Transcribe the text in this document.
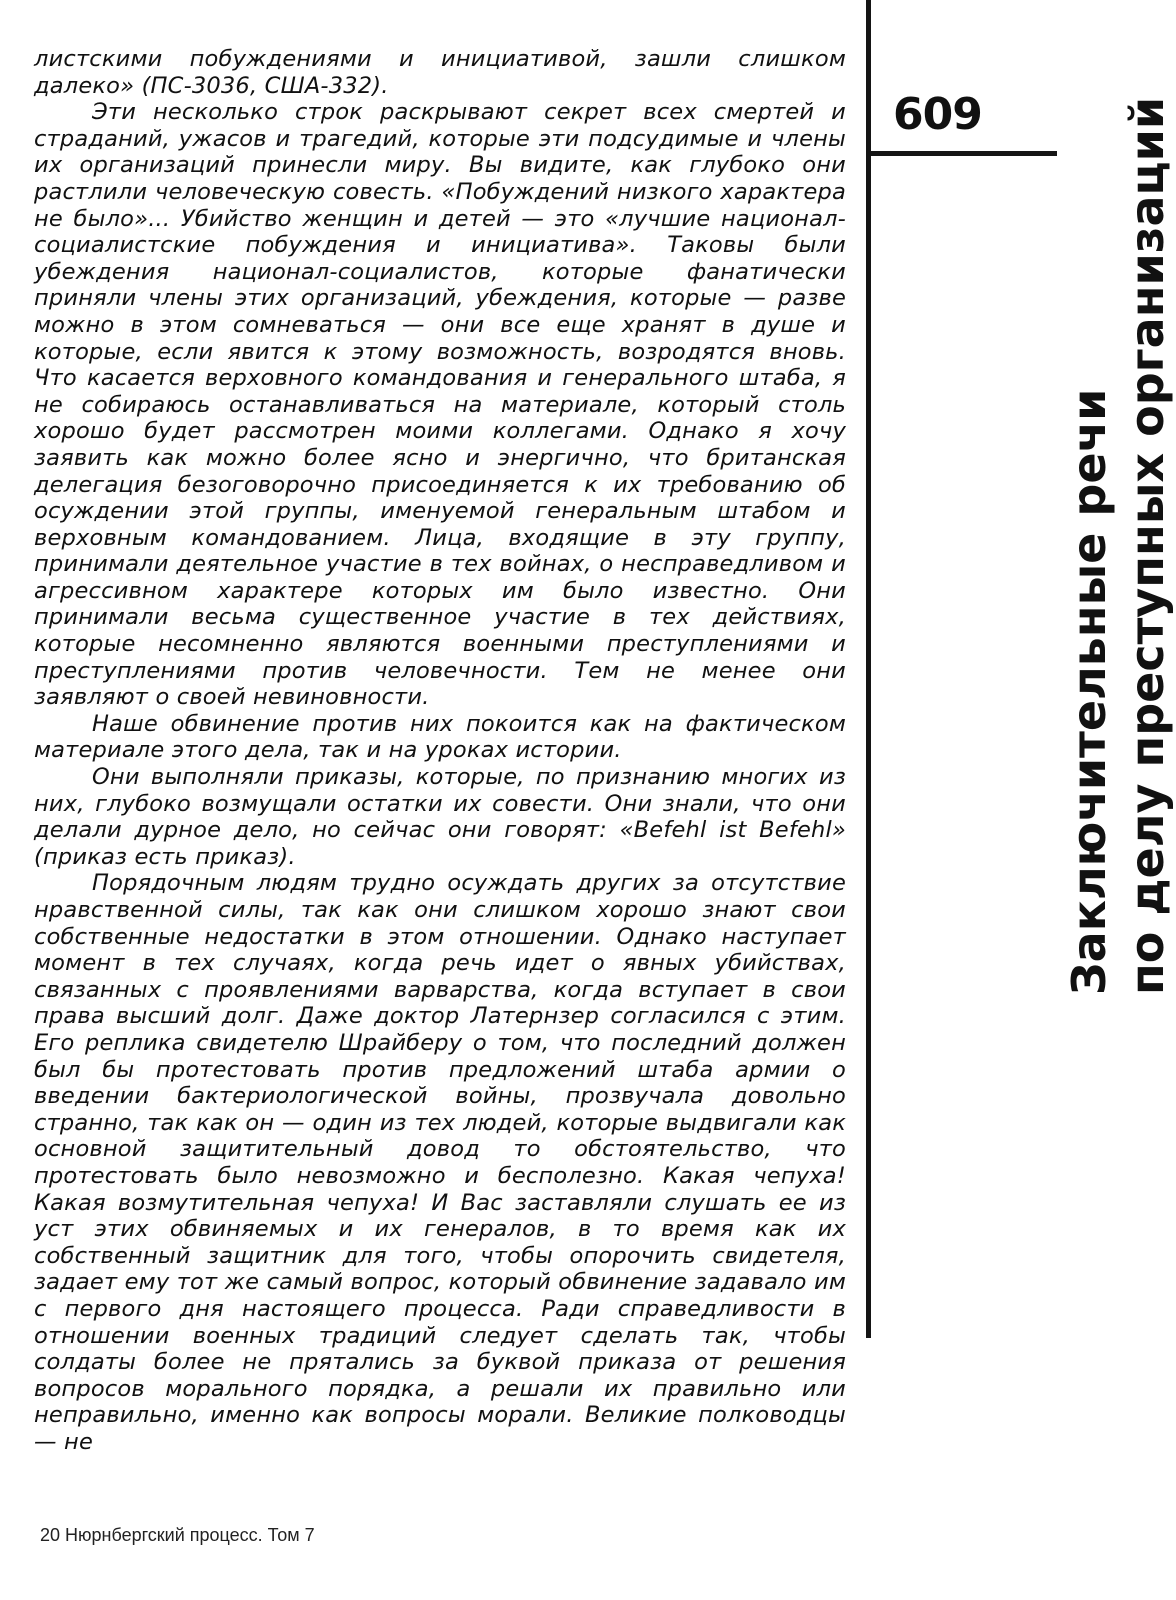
609
Заключительные речи по делу преступных организаций

листскими побуждениями и инициативой, зашли слишком далеко» (ПС-3036, США-332).

Эти несколько строк раскрывают секрет всех смертей и страданий, ужасов и трагедий, которые эти подсудимые и члены их организаций принесли миру. Вы видите, как глубоко они растлили человеческую совесть. «Побуждений низкого характера не было»... Убийство женщин и детей — это «лучшие национал-социалистские побуждения и инициатива». Таковы были убеждения национал-социалистов, которые фанатически приняли члены этих организаций, убеждения, которые — разве можно в этом сомневаться — они все еще хранят в душе и которые, если явится к этому возможность, возродятся вновь. Что касается верховного командования и генерального штаба, я не собираюсь останавливаться на материале, который столь хорошо будет рассмотрен моими коллегами. Однако я хочу заявить как можно более ясно и энергично, что британская делегация безоговорочно присоединяется к их требованию об осуждении этой группы, именуемой генеральным штабом и верховным командованием. Лица, входящие в эту группу, принимали деятельное участие в тех войнах, о несправедливом и агрессивном характере которых им было известно. Они принимали весьма существенное участие в тех действиях, которые несомненно являются военными преступлениями и преступлениями против человечности. Тем не менее они заявляют о своей невиновности.

Наше обвинение против них покоится как на фактическом материале этого дела, так и на уроках истории.

Они выполняли приказы, которые, по признанию многих из них, глубоко возмущали остатки их совести. Они знали, что они делали дурное дело, но сейчас они говорят: «Befehl ist Befehl» (приказ есть приказ).

Порядочным людям трудно осуждать других за отсутствие нравственной силы, так как они слишком хорошо знают свои собственные недостатки в этом отношении. Однако наступает момент в тех случаях, когда речь идет о явных убийствах, связанных с проявлениями варварства, когда вступает в свои права высший долг. Даже доктор Латернзер согласился с этим. Его реплика свидетелю Шрайберу о том, что последний должен был бы протестовать против предложений штаба армии о введении бактериологической войны, прозвучала довольно странно, так как он — один из тех людей, которые выдвигали как основной защитительный довод то обстоятельство, что протестовать было невозможно и бесполезно. Какая чепуха! Какая возмутительная чепуха! И Вас заставляли слушать ее из уст этих обвиняемых и их генералов, в то время как их собственный защитник для того, чтобы опорочить свидетеля, задает ему тот же самый вопрос, который обвинение задавало им с первого дня настоящего процесса. Ради справедливости в отношении военных традиций следует сделать так, чтобы солдаты более не прятались за буквой приказа от решения вопросов морального порядка, а решали их правильно или неправильно, именно как вопросы морали. Великие полководцы — не

20 Нюрнбергский процесс. Том 7
